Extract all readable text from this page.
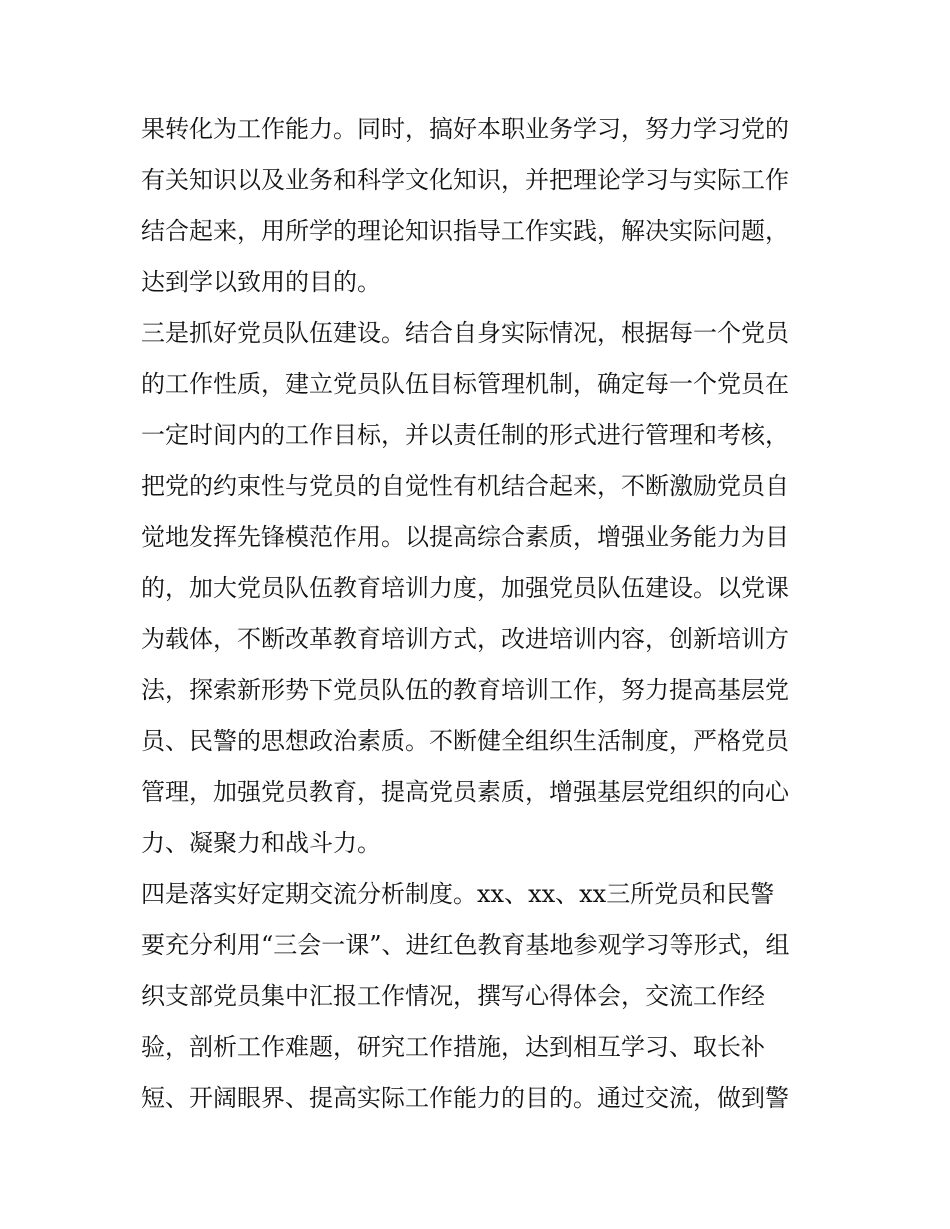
果转化为工作能力。同时，搞好本职业务学习，努力学习党的
有关知识以及业务和科学文化知识，并把理论学习与实际工作
结合起来，用所学的理论知识指导工作实践，解决实际问题，
达到学以致用的目的。
三是抓好党员队伍建设。结合自身实际情况，根据每一个党员
的工作性质，建立党员队伍目标管理机制，确定每一个党员在
一定时间内的工作目标，并以责任制的形式进行管理和考核，
把党的约束性与党员的自觉性有机结合起来，不断激励党员自
觉地发挥先锋模范作用。以提高综合素质，增强业务能力为目
的，加大党员队伍教育培训力度，加强党员队伍建设。以党课
为载体，不断改革教育培训方式，改进培训内容，创新培训方
法，探索新形势下党员队伍的教育培训工作，努力提高基层党
员、民警的思想政治素质。不断健全组织生活制度，严格党员
管理，加强党员教育，提高党员素质，增强基层党组织的向心
力、凝聚力和战斗力。
四是落实好定期交流分析制度。xx、xx、xx三所党员和民警
要充分利用“三会一课”、进红色教育基地参观学习等形式，组
织支部党员集中汇报工作情况，撰写心得体会，交流工作经
验，剖析工作难题，研究工作措施，达到相互学习、取长补
短、开阔眼界、提高实际工作能力的目的。通过交流，做到警
